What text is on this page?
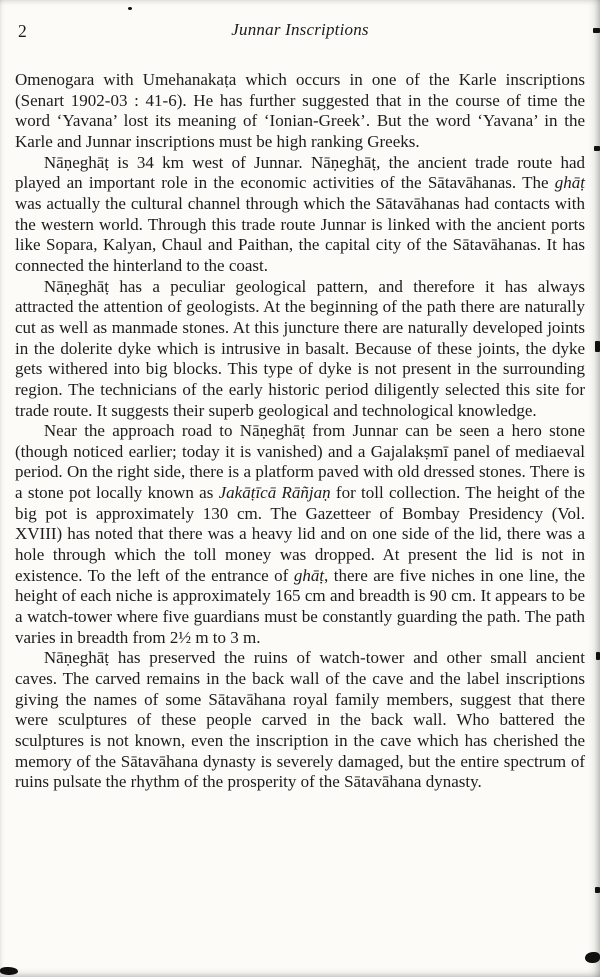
2	Junnar Inscriptions

Omenogara with Umehanakaṭa which occurs in one of the Karle inscriptions (Senart 1902-03 : 41-6). He has further suggested that in the course of time the word ‘Yavana’ lost its meaning of ‘Ionian-Greek’. But the word ‘Yavana’ in the Karle and Junnar inscriptions must be high ranking Greeks.

Nāṇeghāṭ is 34 km west of Junnar. Nāṇeghāṭ, the ancient trade route had played an important role in the economic activities of the Sātavāhanas. The ghāṭ was actually the cultural channel through which the Sātavāhanas had contacts with the western world. Through this trade route Junnar is linked with the ancient ports like Sopara, Kalyan, Chaul and Paithan, the capital city of the Sātavāhanas. It has connected the hinterland to the coast.

Nāṇeghāṭ has a peculiar geological pattern, and therefore it has always attracted the attention of geologists. At the beginning of the path there are naturally cut as well as manmade stones. At this juncture there are naturally developed joints in the dolerite dyke which is intrusive in basalt. Because of these joints, the dyke gets withered into big blocks. This type of dyke is not present in the surrounding region. The technicians of the early historic period diligently selected this site for trade route. It suggests their superb geological and technological knowledge.

Near the approach road to Nāṇeghāṭ from Junnar can be seen a hero stone (though noticed earlier; today it is vanished) and a Gajalakṣmī panel of mediaeval period. On the right side, there is a platform paved with old dressed stones. There is a stone pot locally known as Jakāṭīcā Rāñjaṇ for toll collection. The height of the big pot is approximately 130 cm. The Gazetteer of Bombay Presidency (Vol. XVIII) has noted that there was a heavy lid and on one side of the lid, there was a hole through which the toll money was dropped. At present the lid is not in existence. To the left of the entrance of ghāṭ, there are five niches in one line, the height of each niche is approximately 165 cm and breadth is 90 cm. It appears to be a watch-tower where five guardians must be constantly guarding the path. The path varies in breadth from 2½ m to 3 m.

Nāṇeghāṭ has preserved the ruins of watch-tower and other small ancient caves. The carved remains in the back wall of the cave and the label inscriptions giving the names of some Sātavāhana royal family members, suggest that there were sculptures of these people carved in the back wall. Who battered the sculptures is not known, even the inscription in the cave which has cherished the memory of the Sātavāhana dynasty is severely damaged, but the entire spectrum of ruins pulsate the rhythm of the prosperity of the Sātavāhana dynasty.
